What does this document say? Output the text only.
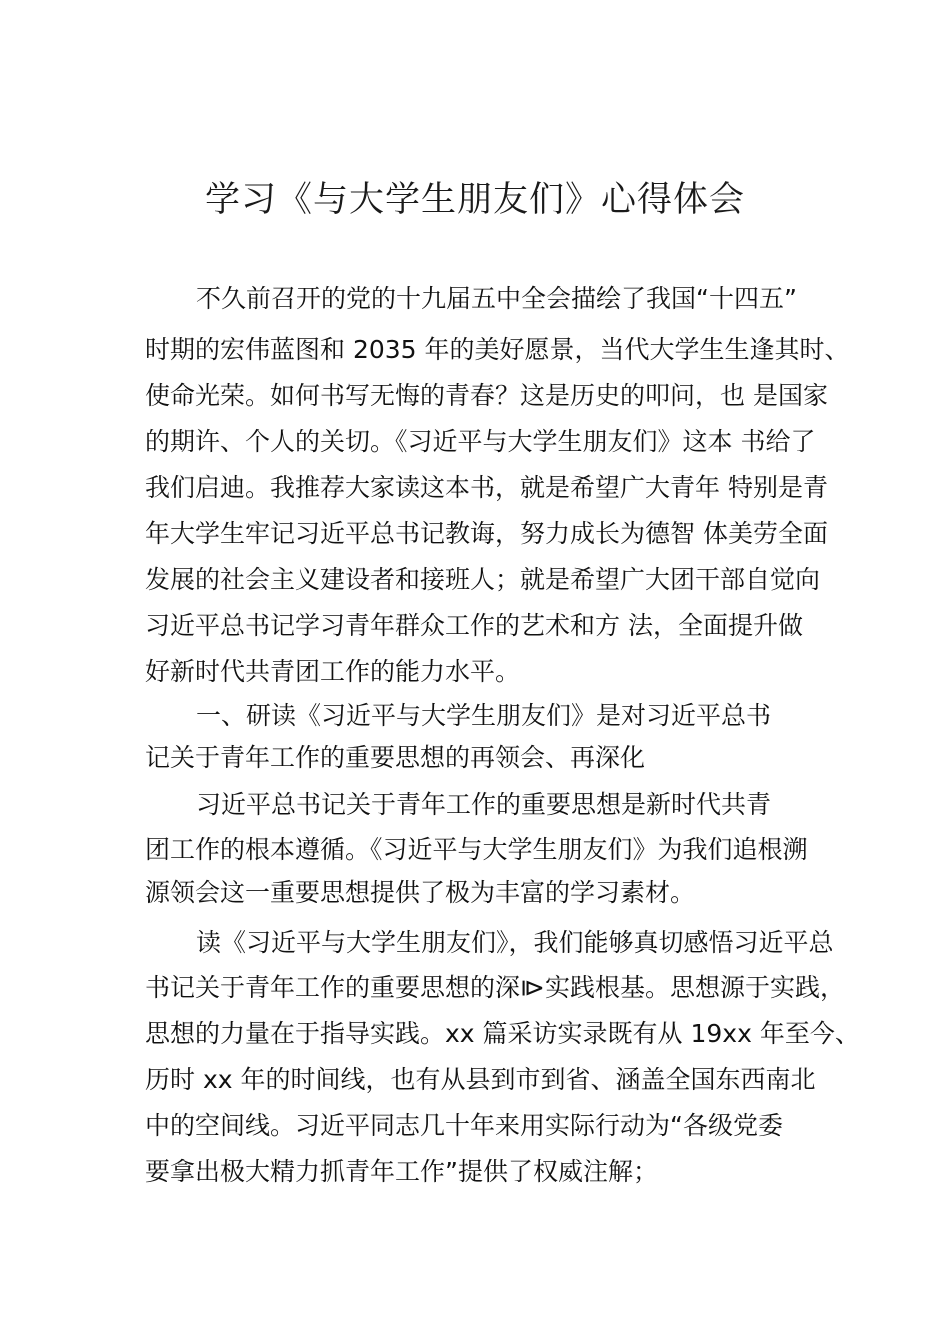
学习《与大学生朋友们》心得体会
不久前召开的党的十九届五中全会描绘了我国“十四五”
时期的宏伟蓝图和 2035 年的美好愿景，当代大学生生逢其时、
使命光荣。如何书写无悔的青春？这是历史的叩问，也 是国家
的期许、个人的关切。《习近平与大学生朋友们》这本 书给了
我们启迪。我推荐大家读这本书，就是希望广大青年 特别是青
年大学生牢记习近平总书记教诲，努力成长为德智 体美劳全面
发展的社会主义建设者和接班人；就是希望广大团干部自觉向
习近平总书记学习青年群众工作的艺术和方 法，全面提升做
好新时代共青团工作的能力水平。
一、研读《习近平与大学生朋友们》是对习近平总书
记关于青年工作的重要思想的再领会、再深化
习近平总书记关于青年工作的重要思想是新时代共青
团工作的根本遵循。《习近平与大学生朋友们》为我们追根溯
源领会这一重要思想提供了极为丰富的学习素材。
读《习近平与大学生朋友们》，我们能够真切感悟习近平总
书记关于青年工作的重要思想的深⧐实践根基。思想源于实践，
思想的力量在于指导实践。xx 篇采访实录既有从 19xx 年至今、
历时 xx 年的时间线，也有从县到市到省、涵盖全国东西南北
中的空间线。习近平同志几十年来用实际行动为“各级党委
要拿出极大精力抓青年工作”提供了权威注解；
